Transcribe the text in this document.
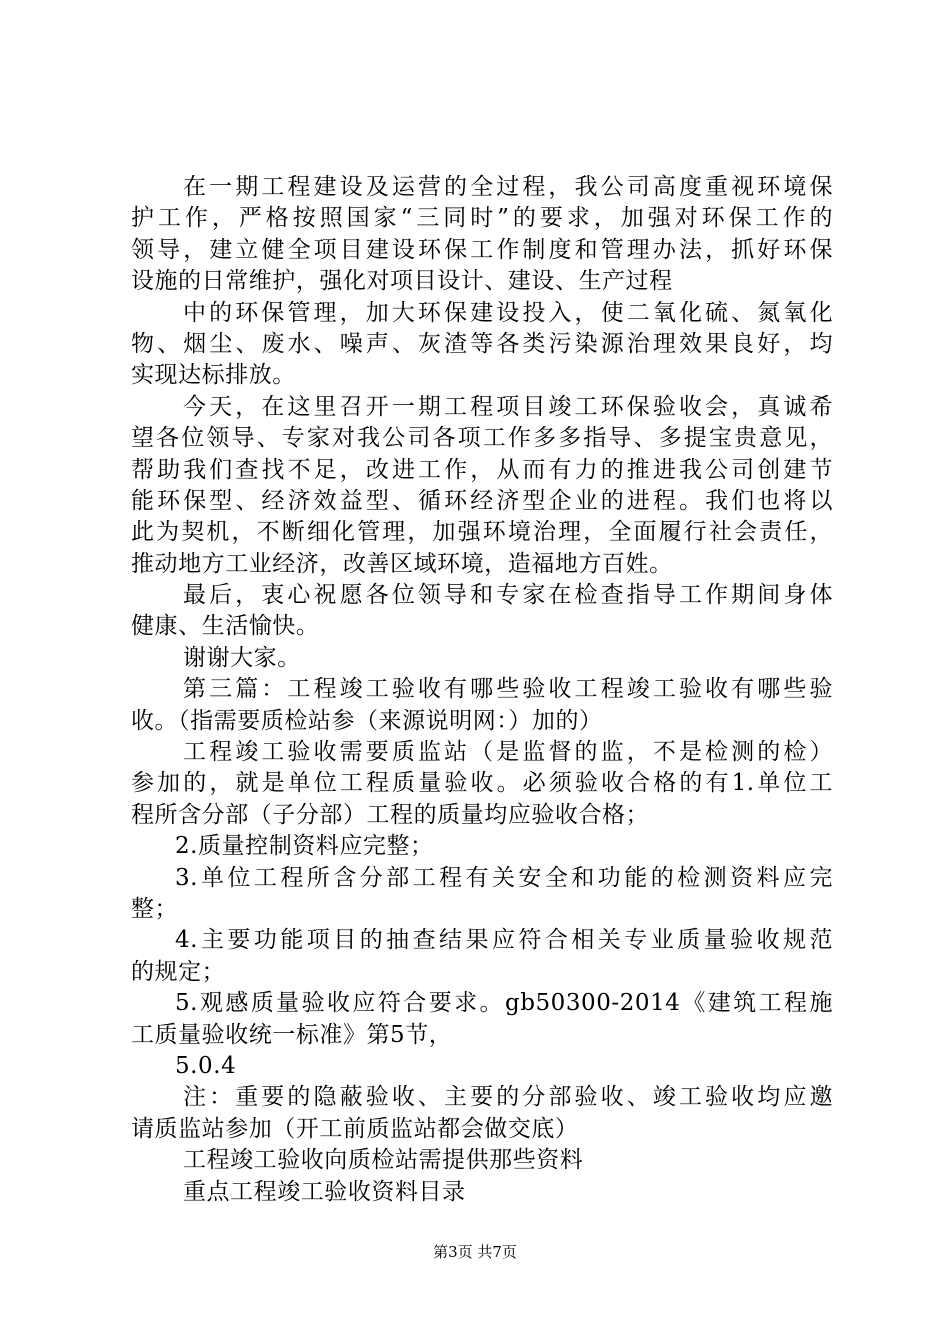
在一期工程建设及运营的全过程，我公司高度重视环境保
护工作，严格按照国家“三同时”的要求，加强对环保工作的
领导，建立健全项目建设环保工作制度和管理办法，抓好环保
设施的日常维护，强化对项目设计、建设、生产过程
中的环保管理，加大环保建设投入，使二氧化硫、氮氧化
物、烟尘、废水、噪声、灰渣等各类污染源治理效果良好，均
实现达标排放。
今天，在这里召开一期工程项目竣工环保验收会，真诚希
望各位领导、专家对我公司各项工作多多指导、多提宝贵意见，
帮助我们查找不足，改进工作，从而有力的推进我公司创建节
能环保型、经济效益型、循环经济型企业的进程。我们也将以
此为契机，不断细化管理，加强环境治理，全面履行社会责任，
推动地方工业经济，改善区域环境，造福地方百姓。
最后，衷心祝愿各位领导和专家在检查指导工作期间身体
健康、生活愉快。
谢谢大家。
第三篇：工程竣工验收有哪些验收工程竣工验收有哪些验
收。（指需要质检站参（来源说明网：）加的）
工程竣工验收需要质监站（是监督的监，不是检测的检）
参加的，就是单位工程质量验收。必须验收合格的有1.单位工
程所含分部（子分部）工程的质量均应验收合格；
2.质量控制资料应完整；
3.单位工程所含分部工程有关安全和功能的检测资料应完
整；
4.主要功能项目的抽查结果应符合相关专业质量验收规范
的规定；
5.观感质量验收应符合要求。gb50300-2014《建筑工程施
工质量验收统一标准》第5节，
5.0.4
注：重要的隐蔽验收、主要的分部验收、竣工验收均应邀
请质监站参加（开工前质监站都会做交底）
工程竣工验收向质检站需提供那些资料
重点工程竣工验收资料目录
第3页 共7页
